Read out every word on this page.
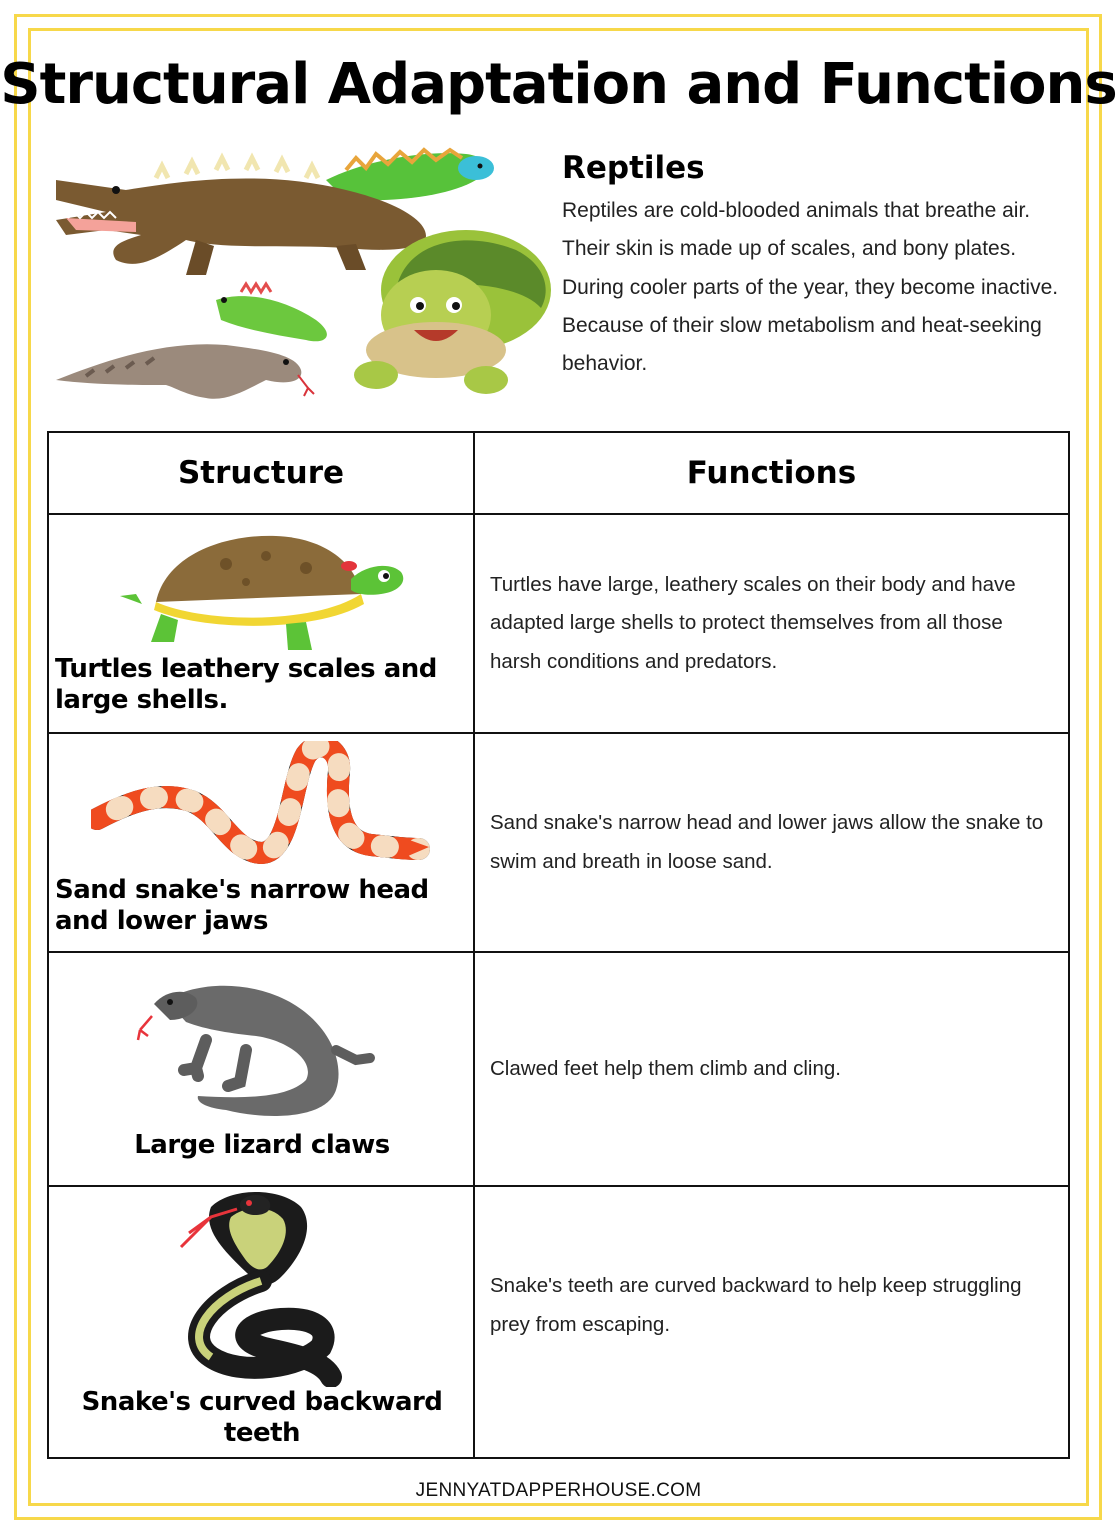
Structural Adaptation and Functions
Reptiles

Reptiles are cold-blooded animals that breathe air. Their skin is made up of scales, and bony plates. During cooler parts of the year, they become inactive. Because of their slow metabolism and heat-seeking behavior.

Structure	Functions

Turtles leathery scales and large shells.	Turtles have large, leathery scales on their body and have adapted large shells to protect themselves from all those harsh conditions and predators.

Sand snake's narrow head and lower jaws	Sand snake's narrow head and lower jaws allow the snake to swim and breath in loose sand.

Large lizard claws	Clawed feet help them climb and cling.

Snake's curved backward teeth	Snake's teeth are curved backward to help keep struggling prey from escaping.
JENNYATDAPPERHOUSE.COM
